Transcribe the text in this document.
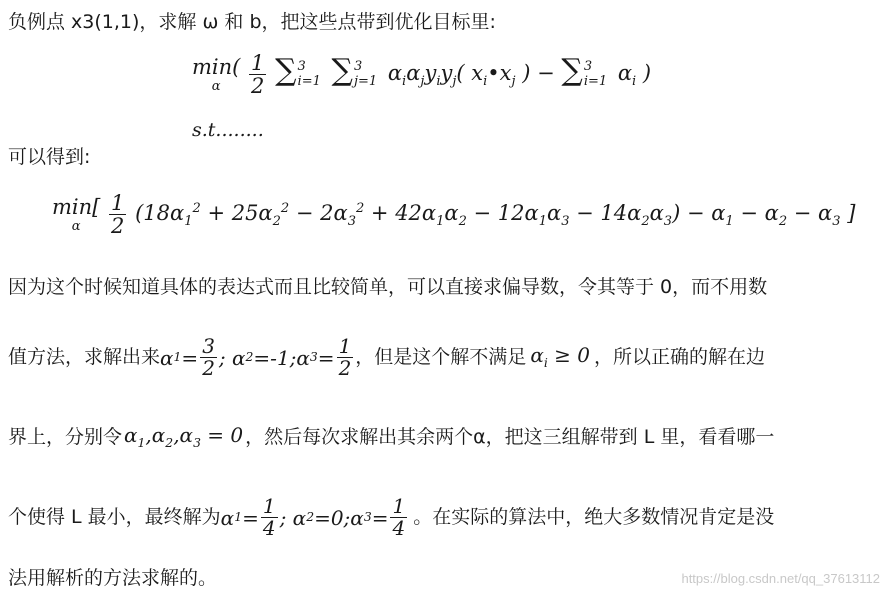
负例点 x3(1,1)，求解 ω 和 b，把这些点带到优化目标里:
min(
α
	$\frac{1}{2}$ ∑ 3
i=1 ∑ 3
j=1 $\alpha_i\alpha_jy_iy_j$( $x_i•x_j$ ) − ∑ 3
i=1 $\alpha_i$ )
s.t........
可以得到:
min[
α
	$\frac{1}{2} (18\alpha_1^2 + 25\alpha_2^2 - 2\alpha_3^2 + 42\alpha_1\alpha_2 - 12\alpha_1\alpha_3 - 14\alpha_2\alpha_3) - \alpha_1 - \alpha_2 - \alpha_3$ ]
因为这个时候知道具体的表达式而且比较简单，可以直接求偏导数，令其等于 0，而不用数
值方法，求解出来 α $1 = \frac{3}{2}$ ; α 2 =-1;α $3 = \frac{1}{2}$ ，但是这个解不满足 $\alpha_i \ge 0$ ，所以正确的解在边
界上，分别令 $\alpha_1,\alpha_2,\alpha_3 = 0$ ，然后每次求解出其余两个α，把这三组解带到 L 里，看看哪一
个使得 L 最小，最终解为 α $1 = \frac{1}{4}$ ; α 2 =0;α $3 = \frac{1}{4}$ 。在实际的算法中，绝大多数情况肯定是没
法用解析的方法求解的。	https://blog.csdn.net/qq_37613112
